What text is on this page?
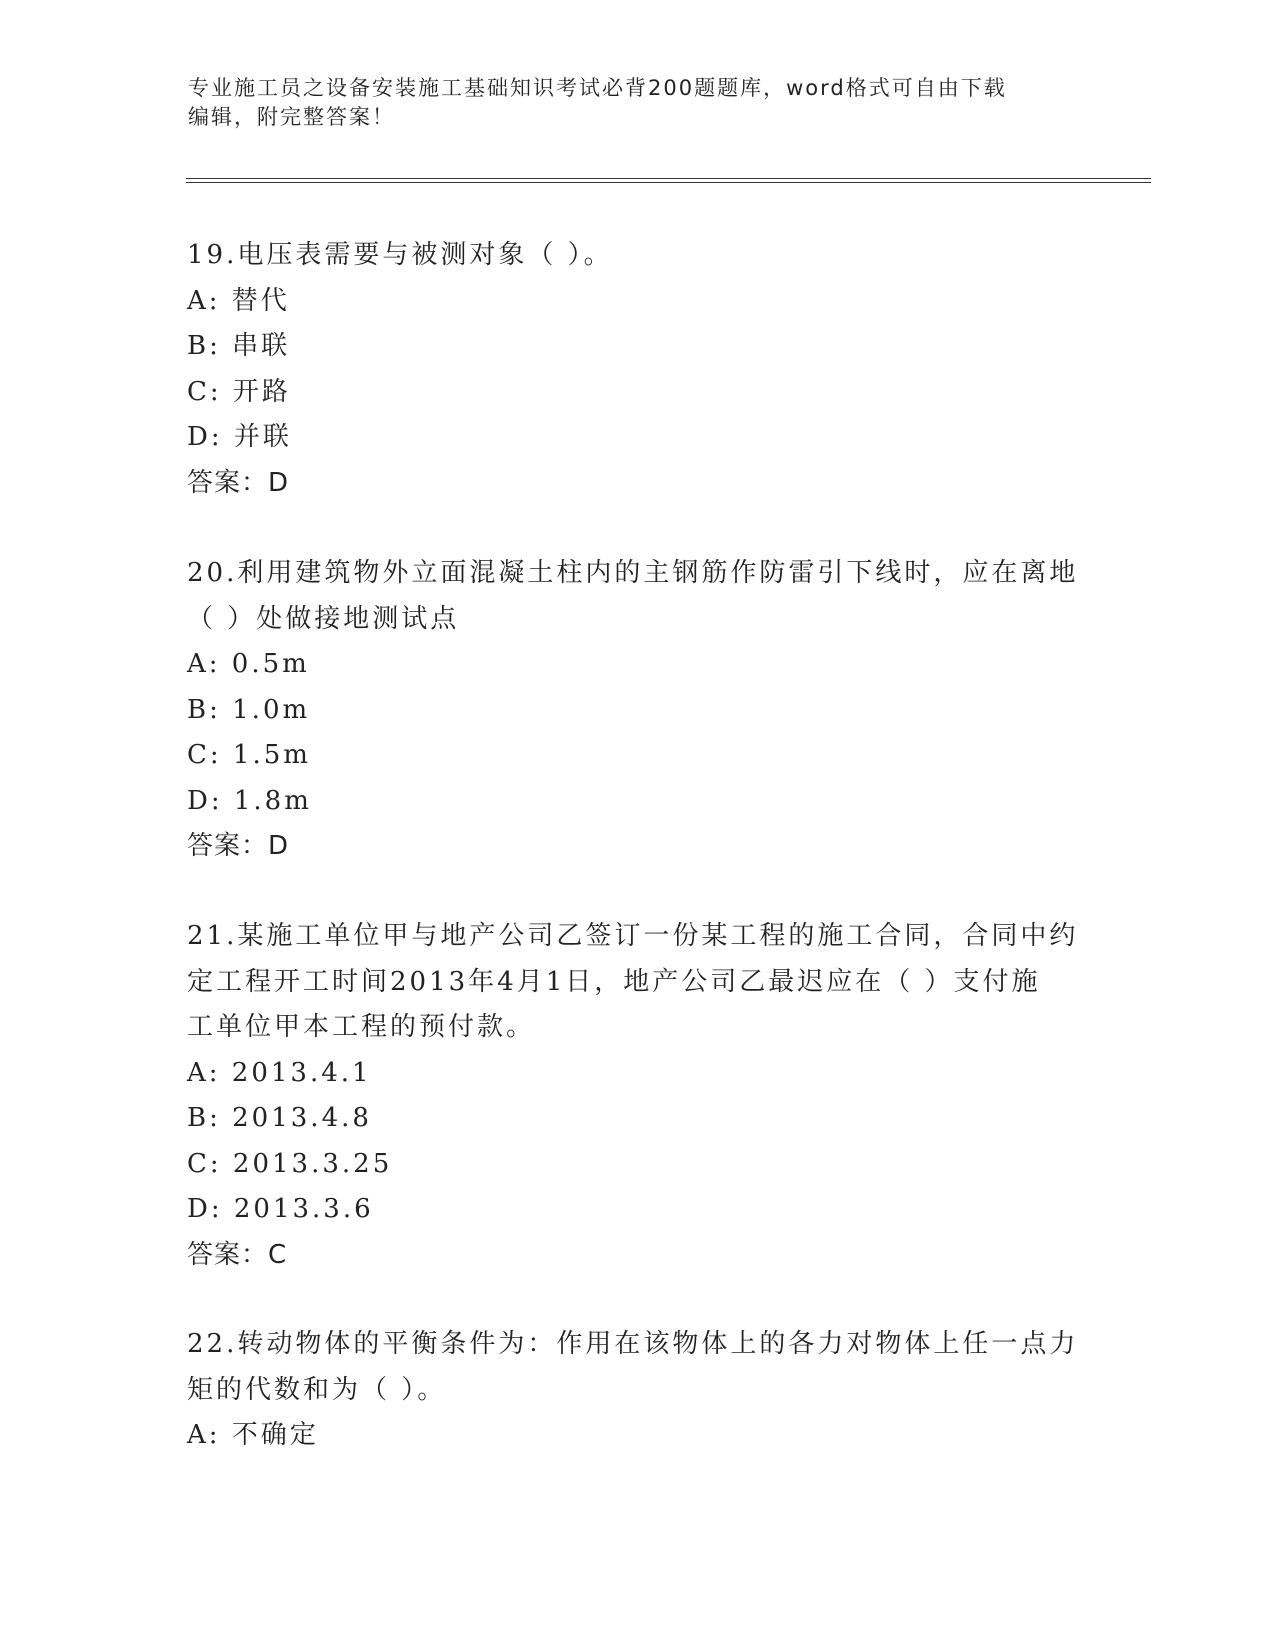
专业施工员之设备安装施工基础知识考试必背200题题库，word格式可自由下载
编辑，附完整答案！
19.电压表需要与被测对象（ ）。
A: 替代
B: 串联
C: 开路
D: 并联
答案：D
20.利用建筑物外立面混凝土柱内的主钢筋作防雷引下线时，应在离地
（ ）处做接地测试点
A: 0.5m
B: 1.0m
C: 1.5m
D: 1.8m
答案：D
21.某施工单位甲与地产公司乙签订一份某工程的施工合同，合同中约
定工程开工时间2013年4月1日，地产公司乙最迟应在（ ）支付施
工单位甲本工程的预付款。
A: 2013.4.1
B: 2013.4.8
C: 2013.3.25
D: 2013.3.6
答案：C
22.转动物体的平衡条件为：作用在该物体上的各力对物体上任一点力
矩的代数和为（ ）。
A: 不确定
